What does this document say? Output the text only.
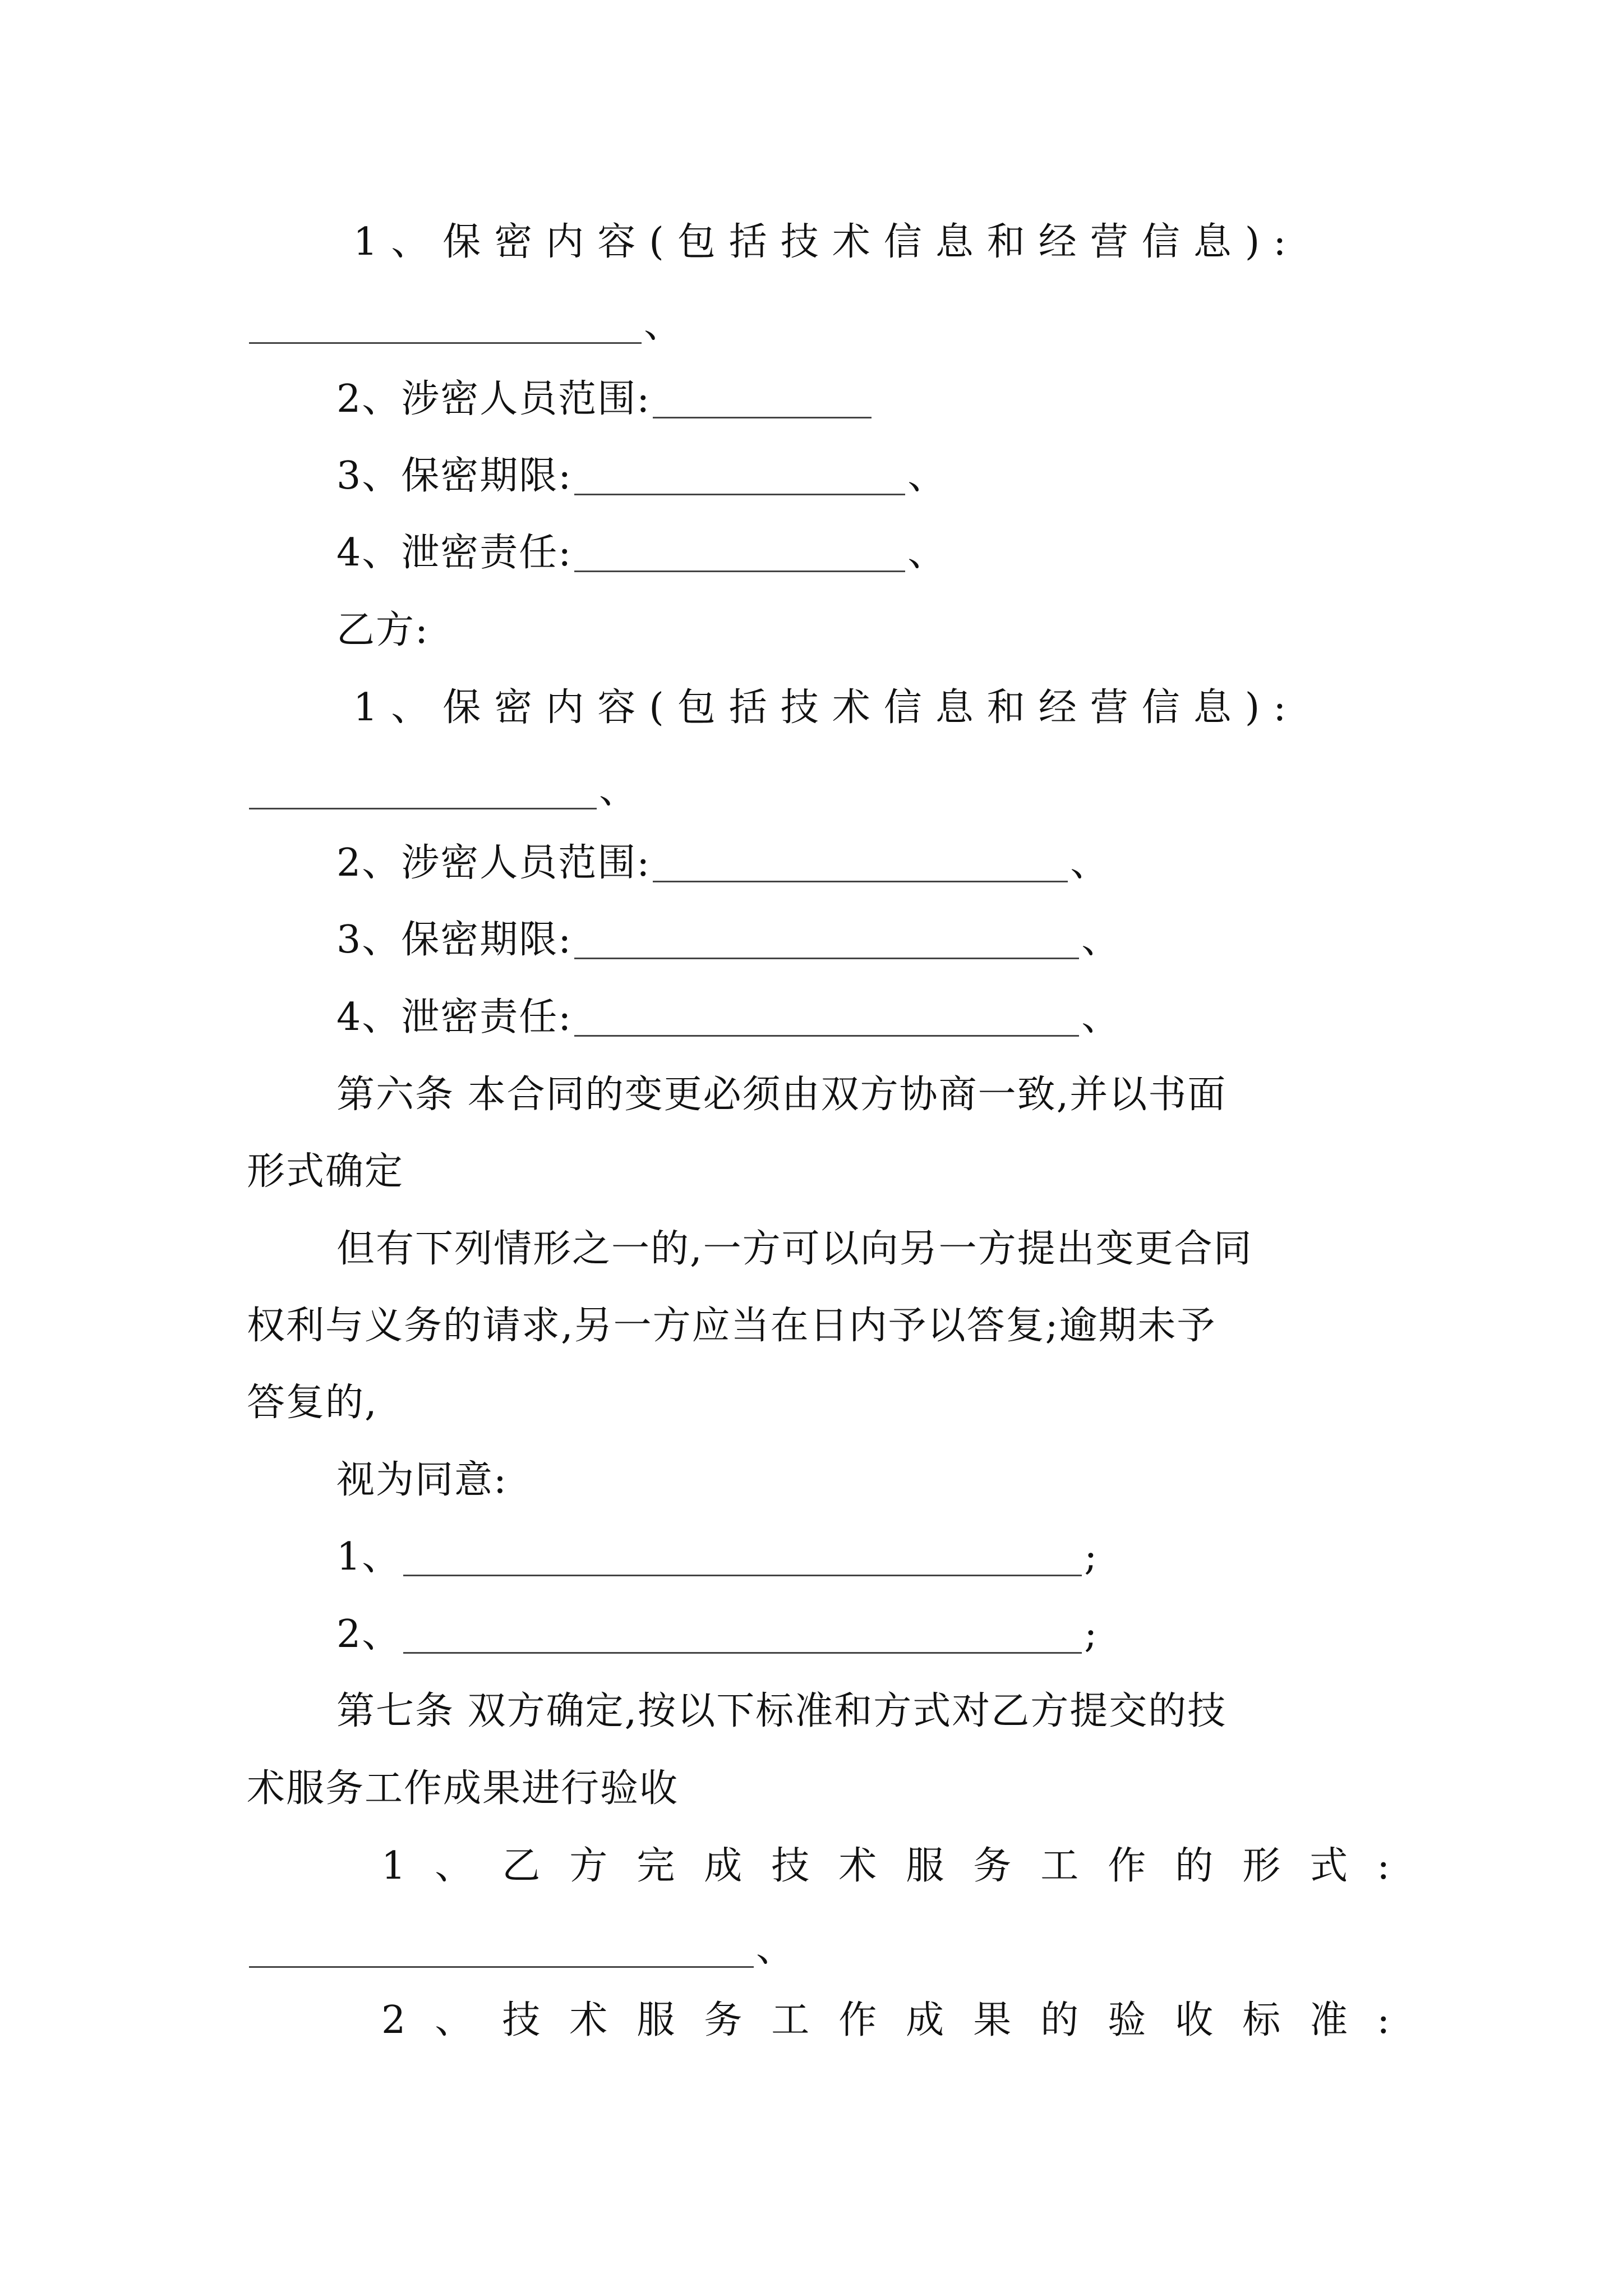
1、保密内容(包括技术信息和经营信息):
、
2、涉密人员范围:
3、保密期限:	、
4、泄密责任:	、
乙方:
1、保密内容(包括技术信息和经营信息):
、
2、涉密人员范围:	、
3、保密期限:	、
4、泄密责任:	、
第六条 本合同的变更必须由双方协商一致,并以书面
形式确定
但有下列情形之一的,一方可以向另一方提出变更合同
权利与义务的请求,另一方应当在日内予以答复;逾期未予
答复的,
视为同意:
1、	;
2、	;
第七条 双方确定,按以下标准和方式对乙方提交的技
术服务工作成果进行验收
1、乙方完成技术服务工作的形式:
、
2、技术服务工作成果的验收标准:
